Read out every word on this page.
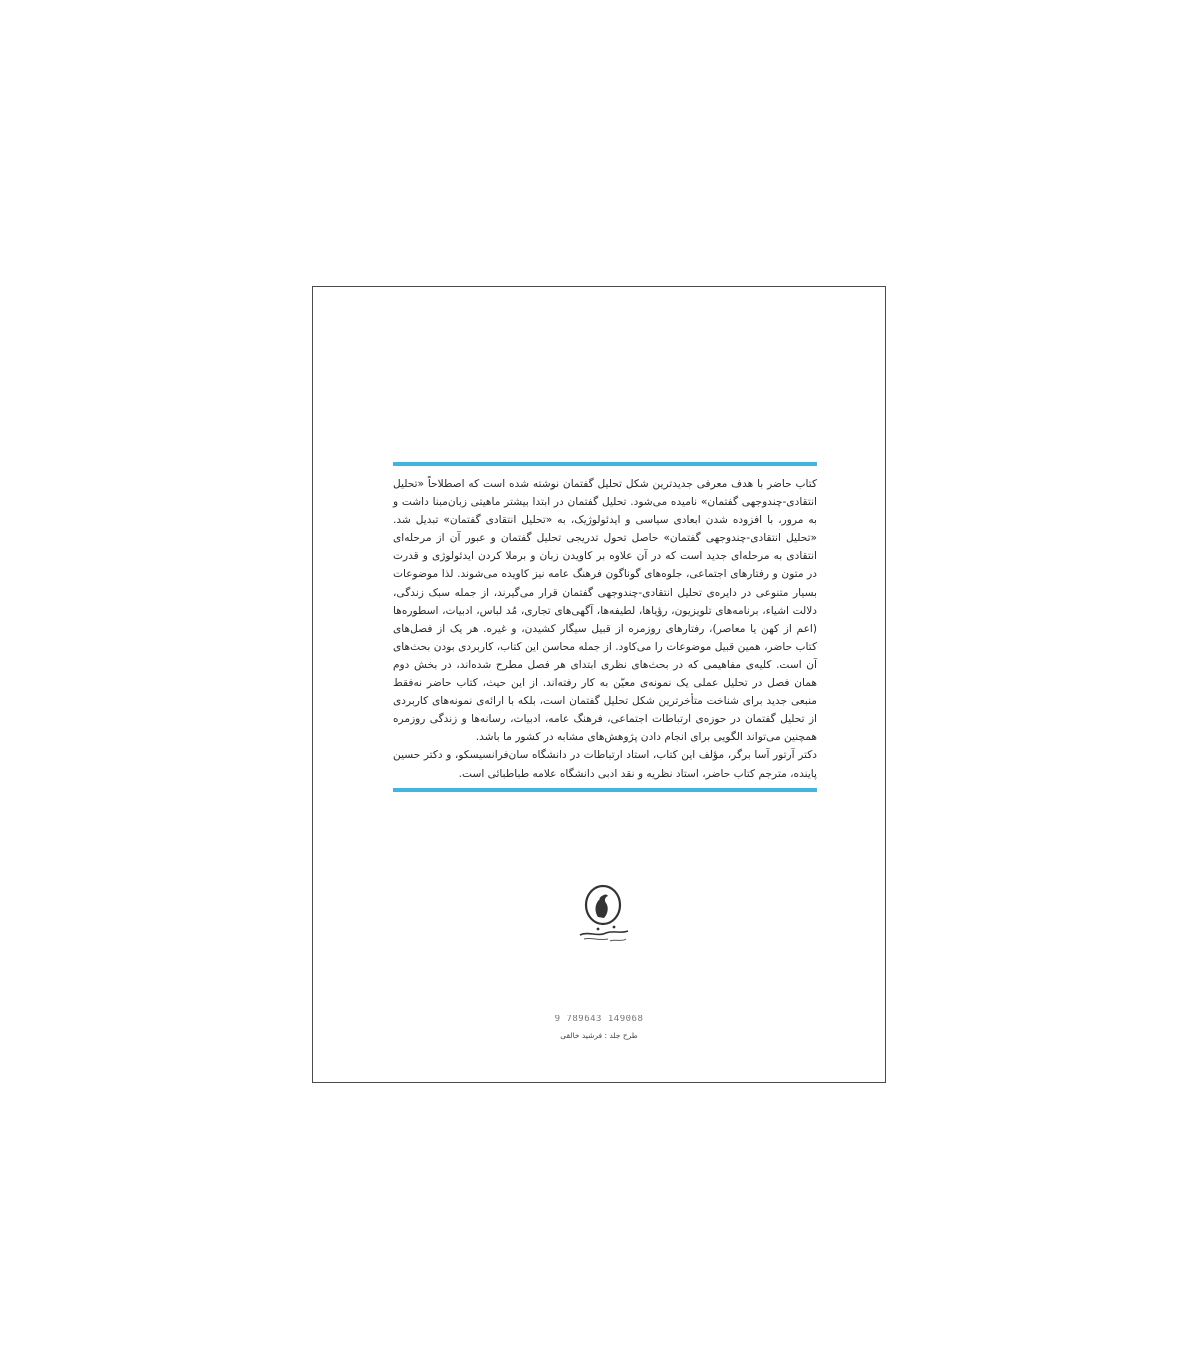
کتاب حاضر با هدف معرفی جدیدترین شکل تحلیل گفتمان نوشته شده است که اصطلاحاً «تحلیل انتقادی-چندوجهی گفتمان» نامیده می‌شود. تحلیل گفتمان در ابتدا بیشتر ماهیتی زبان‌مبنا داشت و به مرور، با افزوده شدن ابعادی سیاسی و ایدئولوژیک، به «تحلیل انتقادی گفتمان» تبدیل شد. «تحلیل انتقادی-چندوجهی گفتمان» حاصل تحول تدریجی تحلیل گفتمان و عبور آن از مرحله‌ای انتقادی به مرحله‌ای جدید است که در آن علاوه بر کاویدن زبان و برملا کردن ایدئولوژی و قدرت در متون و رفتارهای اجتماعی، جلوه‌های گوناگون فرهنگ عامه نیز کاویده می‌شوند. لذا موضوعات بسیار متنوعی در دایره‌ی تحلیل انتقادی-چندوجهی گفتمان قرار می‌گیرند، از جمله سبک زندگی، دلالت اشیاء، برنامه‌های تلویزیون، رؤیاها، لطیفه‌ها، آگهی‌های تجاری، مُد لباس، ادبیات، اسطوره‌ها (اعم از کهن یا معاصر)، رفتارهای روزمره از قبیل سیگار کشیدن، و غیره. هر یک از فصل‌های کتاب حاضر، همین قبیل موضوعات را می‌کاود. از جمله محاسن این کتاب، کاربردی بودن بحث‌های آن است. کلیه‌ی مفاهیمی که در بحث‌های نظری ابتدای هر فصل مطرح شده‌اند، در بخش دوم همان فصل در تحلیل عملی یک نمونه‌ی معیّن به کار رفته‌اند. از این حیث، کتاب حاضر نه‌فقط منبعی جدید برای شناخت متأخرترین شکل تحلیل گفتمان است، بلکه با ارائه‌ی نمونه‌های کاربردی از تحلیل گفتمان در حوزه‌ی ارتباطات اجتماعی، فرهنگ عامه، ادبیات، رسانه‌ها و زندگی روزمره همچنین می‌تواند الگویی برای انجام دادن پژوهش‌های مشابه در کشور ما باشد.

دکتر آرتور آسا برگر، مؤلف این کتاب، استاد ارتباطات در دانشگاه سان‌فرانسیسکو، و دکتر حسین پاینده، مترجم کتاب حاضر، استاد نظریه و نقد ادبی دانشگاه علامه طباطبائی است.

9 789643 149068
طرح جلد : فرشید خالقی
